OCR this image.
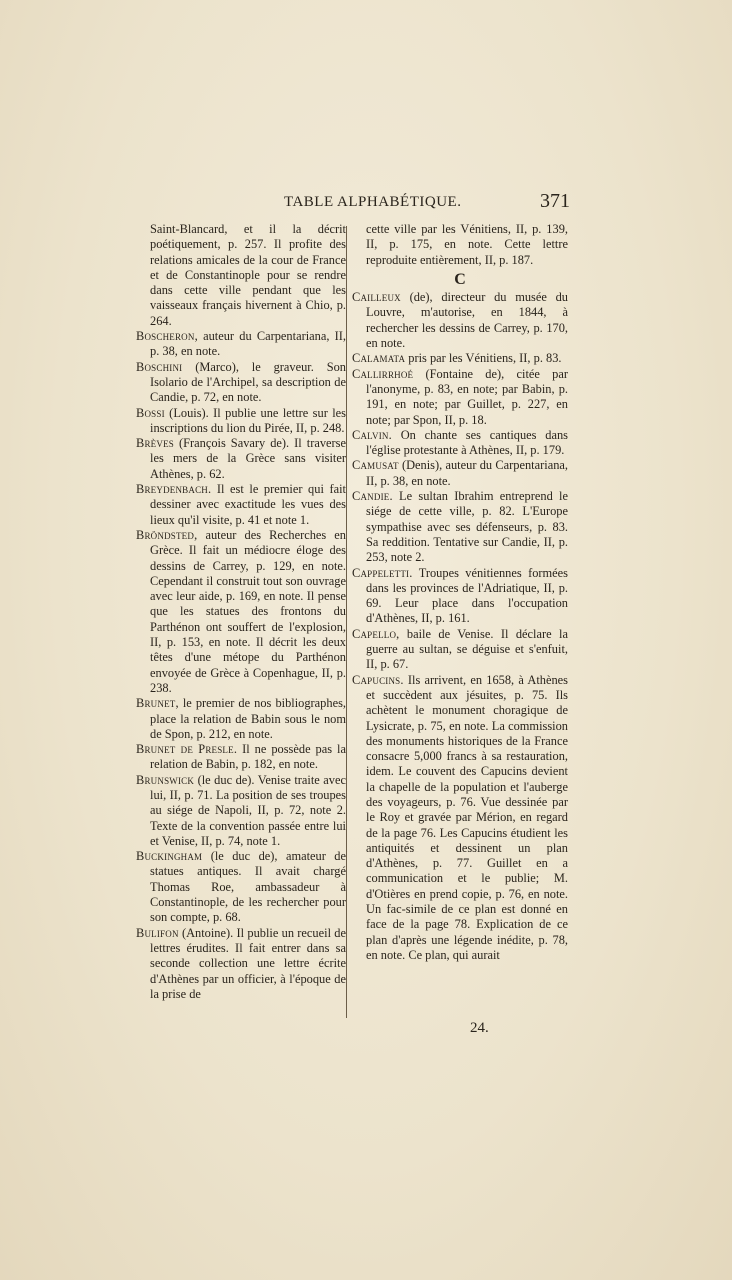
TABLE ALPHABÉTIQUE.	371

Saint-Blancard, et il la décrit poétiquement, p. 257. Il profite des relations amicales de la cour de France et de Constantinople pour se rendre dans cette ville pendant que les vaisseaux français hivernent à Chio, p. 264.

Boscheron, auteur du Carpentariana, II, p. 38, en note.

Boschini (Marco), le graveur. Son Isolario de l'Archipel, sa description de Candie, p. 72, en note.

Bossi (Louis). Il publie une lettre sur les inscriptions du lion du Pirée, II, p. 248.

Brèves (François Savary de). Il traverse les mers de la Grèce sans visiter Athènes, p. 62.

Breydenbach. Il est le premier qui fait dessiner avec exactitude les vues des lieux qu'il visite, p. 41 et note 1.

Bröndsted, auteur des Recherches en Grèce. Il fait un médiocre éloge des dessins de Carrey, p. 129, en note. Cependant il construit tout son ouvrage avec leur aide, p. 169, en note. Il pense que les statues des frontons du Parthénon ont souffert de l'explosion, II, p. 153, en note. Il décrit les deux têtes d'une métope du Parthénon envoyée de Grèce à Copenhague, II, p. 238.

Brunet, le premier de nos bibliographes, place la relation de Babin sous le nom de Spon, p. 212, en note.

Brunet de Presle. Il ne possède pas la relation de Babin, p. 182, en note.

Brunswick (le duc de). Venise traite avec lui, II, p. 71. La position de ses troupes au siége de Napoli, II, p. 72, note 2. Texte de la convention passée entre lui et Venise, II, p. 74, note 1.

Buckingham (le duc de), amateur de statues antiques. Il avait chargé Thomas Roe, ambassadeur à Constantinople, de les rechercher pour son compte, p. 68.

Bulifon (Antoine). Il publie un recueil de lettres érudites. Il fait entrer dans sa seconde collection une lettre écrite d'Athènes par un officier, à l'époque de la prise de

cette ville par les Vénitiens, II, p. 139, II, p. 175, en note. Cette lettre reproduite entièrement, II, p. 187.

C

Cailleux (de), directeur du musée du Louvre, m'autorise, en 1844, à rechercher les dessins de Carrey, p. 170, en note.

Calamata pris par les Vénitiens, II, p. 83.

Callirrhoé (Fontaine de), citée par l'anonyme, p. 83, en note; par Babin, p. 191, en note; par Guillet, p. 227, en note; par Spon, II, p. 18.

Calvin. On chante ses cantiques dans l'église protestante à Athènes, II, p. 179.

Camusat (Denis), auteur du Carpentariana, II, p. 38, en note.

Candie. Le sultan Ibrahim entreprend le siége de cette ville, p. 82. L'Europe sympathise avec ses défenseurs, p. 83. Sa reddition. Tentative sur Candie, II, p. 253, note 2.

Cappeletti. Troupes vénitiennes formées dans les provinces de l'Adriatique, II, p. 69. Leur place dans l'occupation d'Athènes, II, p. 161.

Capello, baile de Venise. Il déclare la guerre au sultan, se déguise et s'enfuit, II, p. 67.

Capucins. Ils arrivent, en 1658, à Athènes et succèdent aux jésuites, p. 75. Ils achètent le monument choragique de Lysicrate, p. 75, en note. La commission des monuments historiques de la France consacre 5,000 francs à sa restauration, idem. Le couvent des Capucins devient la chapelle de la population et l'auberge des voyageurs, p. 76. Vue dessinée par le Roy et gravée par Mérion, en regard de la page 76. Les Capucins étudient les antiquités et dessinent un plan d'Athènes, p. 77. Guillet en a communication et le publie; M. d'Otières en prend copie, p. 76, en note. Un fac-simile de ce plan est donné en face de la page 78. Explication de ce plan d'après une légende inédite, p. 78, en note. Ce plan, qui aurait

24.
